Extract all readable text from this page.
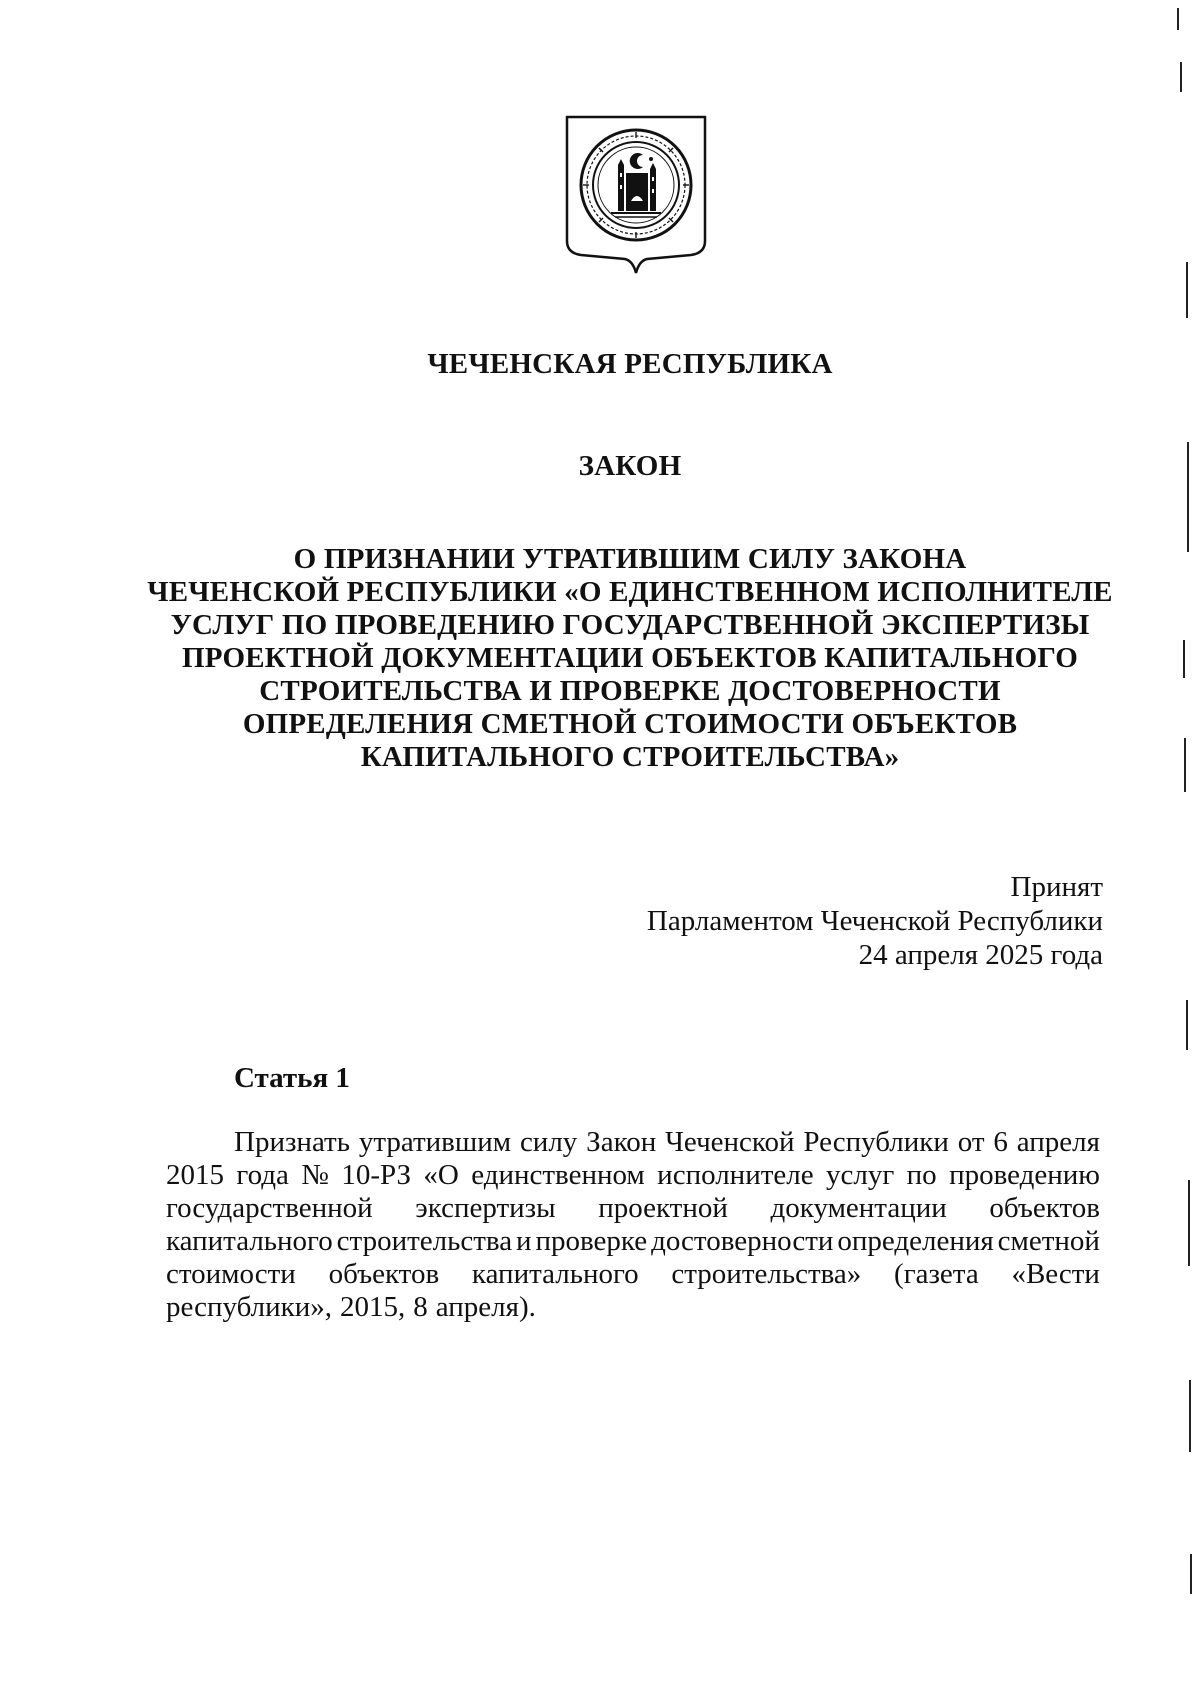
ЧЕЧЕНСКАЯ РЕСПУБЛИКА
ЗАКОН
О ПРИЗНАНИИ УТРАТИВШИМ СИЛУ ЗАКОНА
ЧЕЧЕНСКОЙ РЕСПУБЛИКИ «О ЕДИНСТВЕННОМ ИСПОЛНИТЕЛЕ
УСЛУГ ПО ПРОВЕДЕНИЮ ГОСУДАРСТВЕННОЙ ЭКСПЕРТИЗЫ
ПРОЕКТНОЙ ДОКУМЕНТАЦИИ ОБЪЕКТОВ КАПИТАЛЬНОГО
СТРОИТЕЛЬСТВА И ПРОВЕРКЕ ДОСТОВЕРНОСТИ
ОПРЕДЕЛЕНИЯ СМЕТНОЙ СТОИМОСТИ ОБЪЕКТОВ
КАПИТАЛЬНОГО СТРОИТЕЛЬСТВА»
Принят
Парламентом Чеченской Республики
24 апреля 2025 года
Статья 1
Признать утратившим силу Закон Чеченской Республики от 6 апреля
2015 года № 10-РЗ «О единственном исполнителе услуг по проведению
государственной экспертизы проектной документации объектов
капитального строительства и проверке достоверности определения сметной
стоимости объектов капитального строительства» (газета «Вести
республики», 2015, 8 апреля).
